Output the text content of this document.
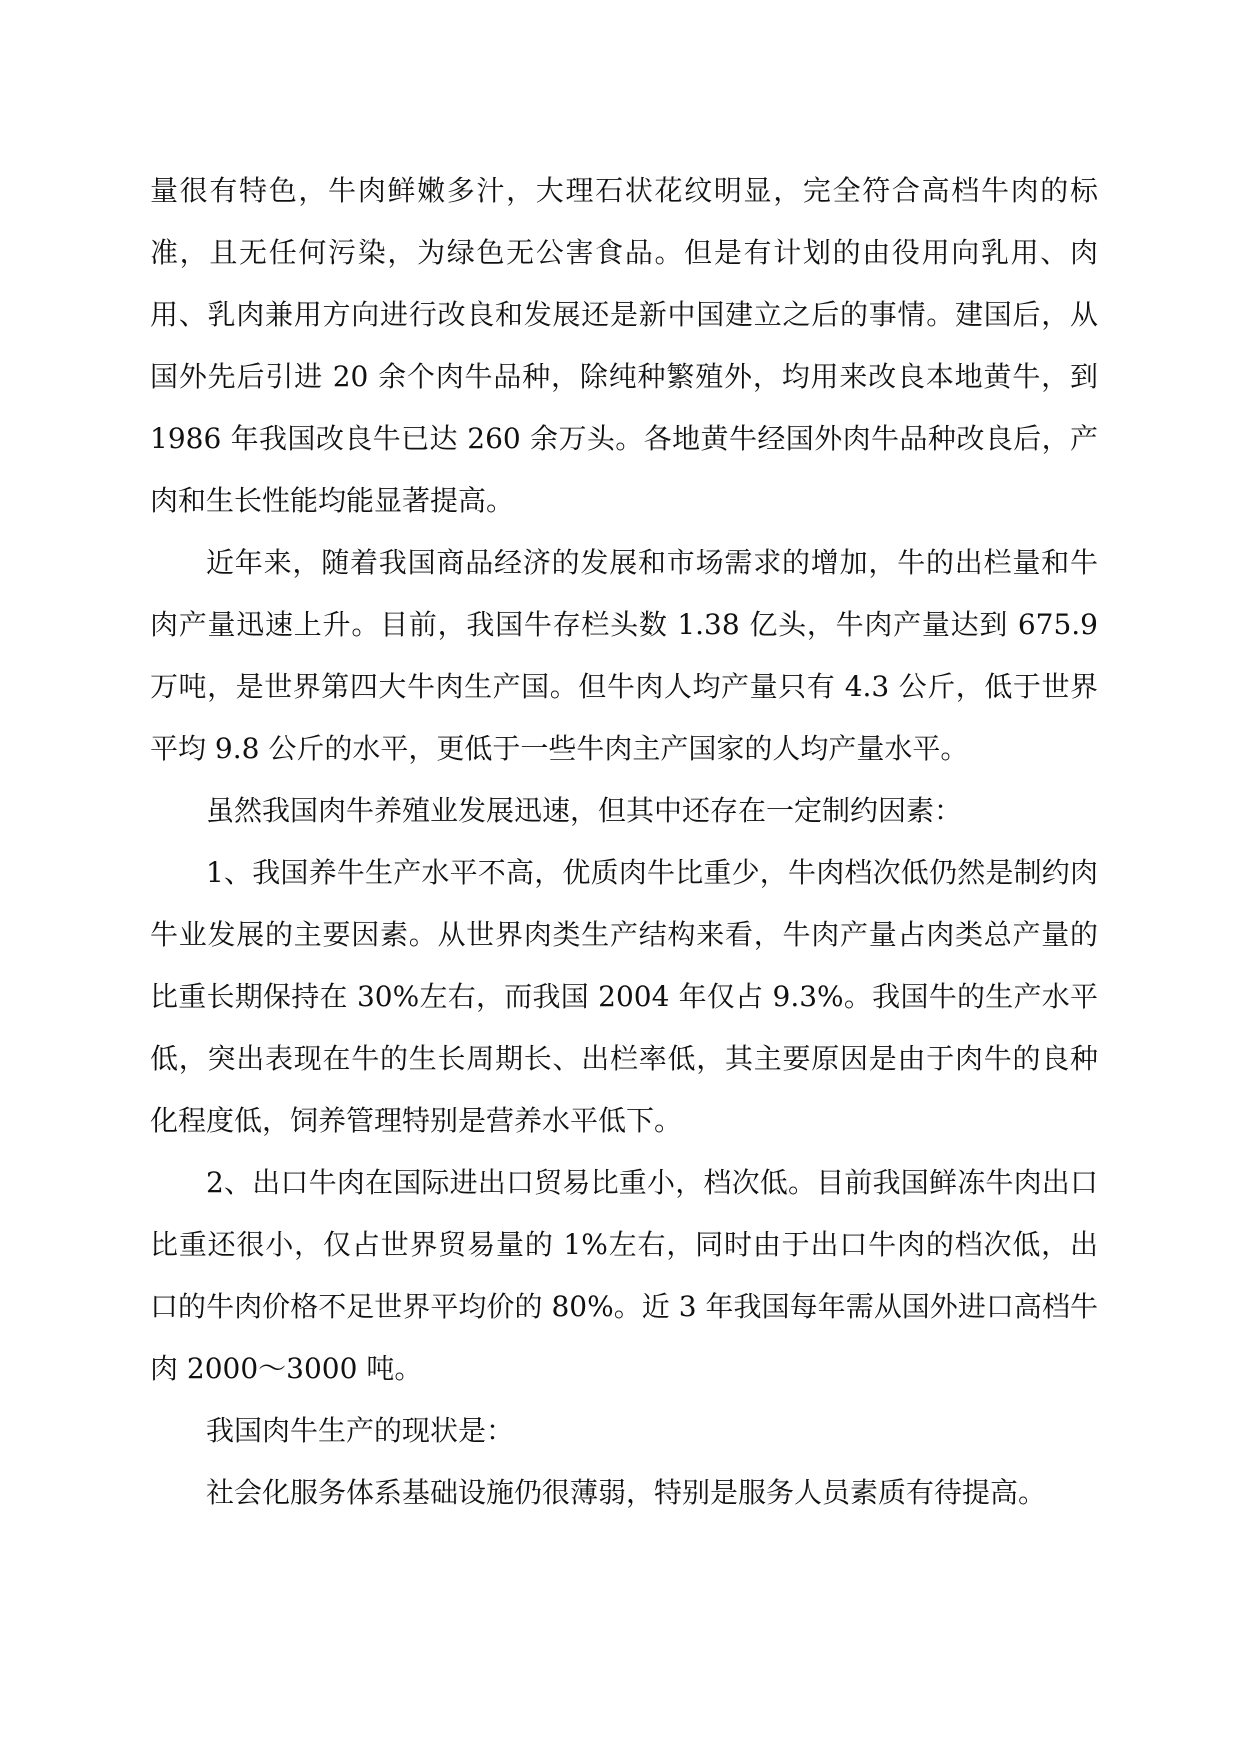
量很有特色，牛肉鲜嫩多汁，大理石状花纹明显，完全符合高档牛肉的标准，且无任何污染，为绿色无公害食品。但是有计划的由役用向乳用、肉用、乳肉兼用方向进行改良和发展还是新中国建立之后的事情。建国后，从国外先后引进 20 余个肉牛品种，除纯种繁殖外，均用来改良本地黄牛，到 1986 年我国改良牛已达 260 余万头。各地黄牛经国外肉牛品种改良后，产肉和生长性能均能显著提高。

近年来，随着我国商品经济的发展和市场需求的增加，牛的出栏量和牛肉产量迅速上升。目前，我国牛存栏头数 1.38 亿头，牛肉产量达到 675.9 万吨，是世界第四大牛肉生产国。但牛肉人均产量只有 4.3 公斤，低于世界平均 9.8 公斤的水平，更低于一些牛肉主产国家的人均产量水平。

虽然我国肉牛养殖业发展迅速，但其中还存在一定制约因素：

1、我国养牛生产水平不高，优质肉牛比重少，牛肉档次低仍然是制约肉牛业发展的主要因素。从世界肉类生产结构来看，牛肉产量占肉类总产量的比重长期保持在 30%左右，而我国 2004 年仅占 9.3%。我国牛的生产水平低，突出表现在牛的生长周期长、出栏率低，其主要原因是由于肉牛的良种化程度低，饲养管理特别是营养水平低下。

2、出口牛肉在国际进出口贸易比重小，档次低。目前我国鲜冻牛肉出口比重还很小，仅占世界贸易量的 1%左右，同时由于出口牛肉的档次低，出口的牛肉价格不足世界平均价的 80%。近 3 年我国每年需从国外进口高档牛肉 2000～3000 吨。

我国肉牛生产的现状是：

社会化服务体系基础设施仍很薄弱，特别是服务人员素质有待提高。
